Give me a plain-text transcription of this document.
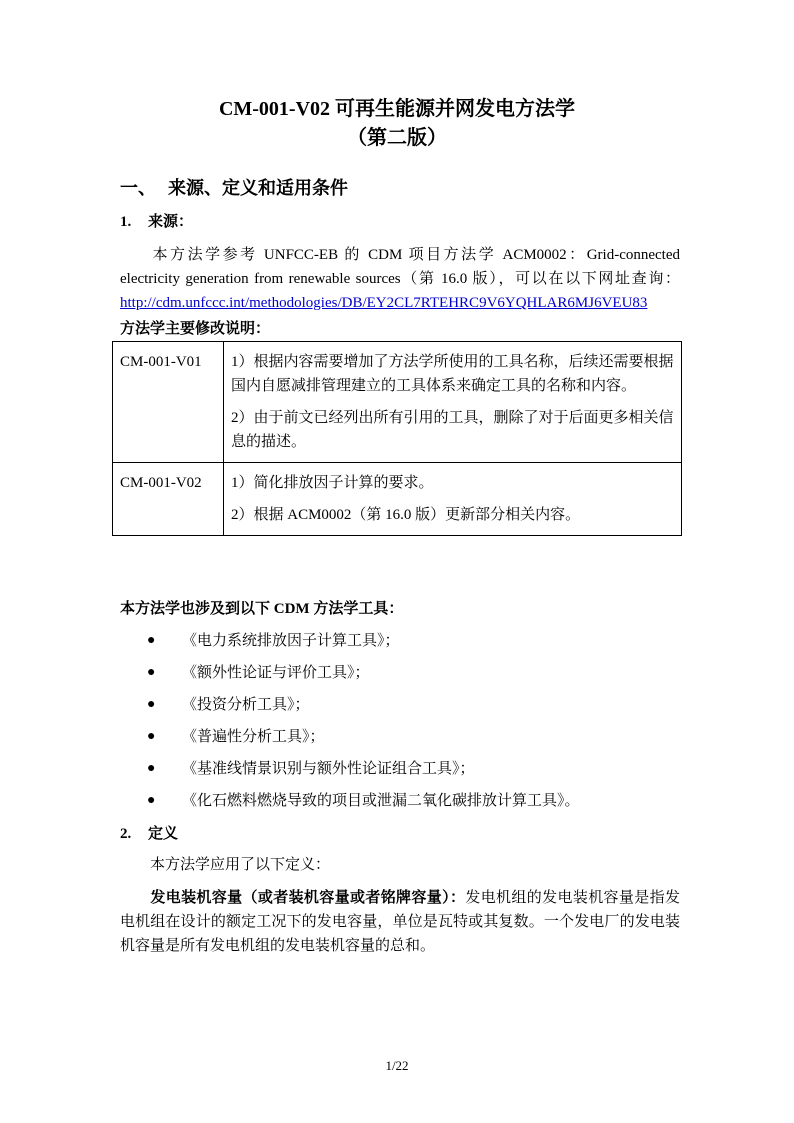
CM-001-V02 可再生能源并网发电方法学
（第二版）
一、 来源、定义和适用条件
1. 来源：
本方法学参考 UNFCC-EB 的 CDM 项目方法学 ACM0002：Grid-connected electricity generation from renewable sources（第 16.0 版），可以在以下网址查询：http://cdm.unfccc.int/methodologies/DB/EY2CL7RTEHRC9V6YQHLAR6MJ6VEU83
方法学主要修改说明：
CM-001-V01	1）根据内容需要增加了方法学所使用的工具名称，后续还需要根据国内自愿减排管理建立的工具体系来确定工具的名称和内容。

2）由于前文已经列出所有引用的工具，删除了对于后面更多相关信息的描述。

CM-001-V02	1）简化排放因子计算的要求。

2）根据 ACM0002（第 16.0 版）更新部分相关内容。

本方法学也涉及到以下 CDM 方法学工具：
● 《电力系统排放因子计算工具》；
● 《额外性论证与评价工具》；
● 《投资分析工具》；
● 《普遍性分析工具》；
● 《基准线情景识别与额外性论证组合工具》；
● 《化石燃料燃烧导致的项目或泄漏二氧化碳排放计算工具》。
2. 定义
本方法学应用了以下定义：
发电装机容量（或者装机容量或者铭牌容量）：发电机组的发电装机容量是指发电机组在设计的额定工况下的发电容量，单位是瓦特或其复数。一个发电厂的发电装机容量是所有发电机组的发电装机容量的总和。
1/22
